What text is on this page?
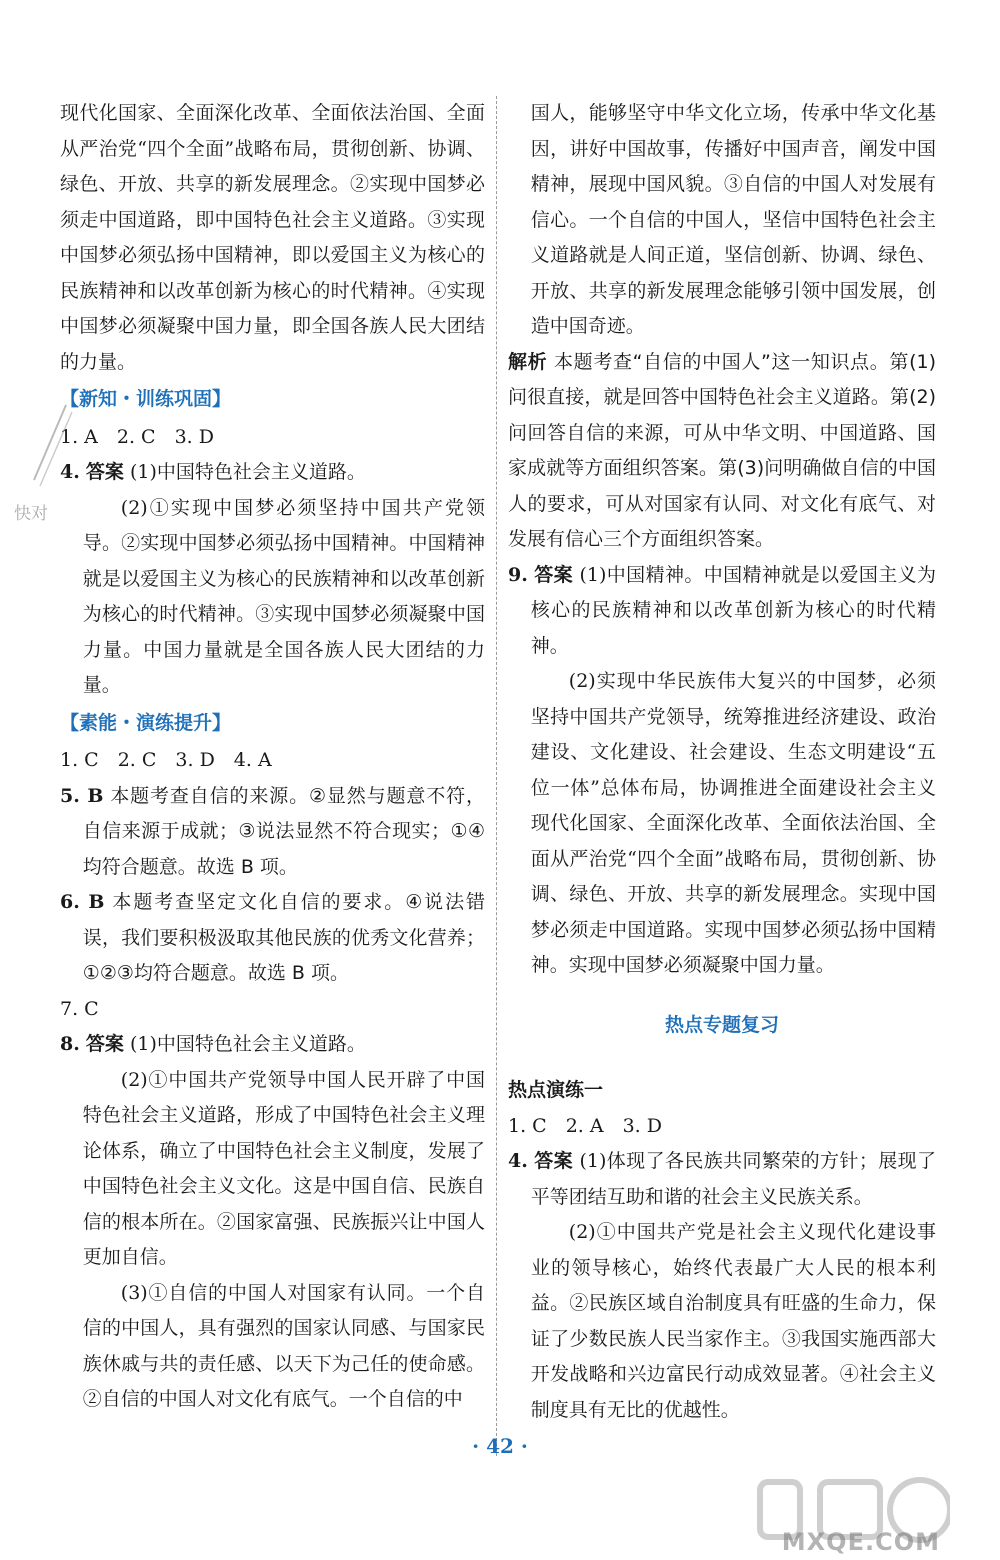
现代化国家、全面深化改革、全面依法治国、全面从严治党“四个全面”战略布局，贯彻创新、协调、绿色、开放、共享的新发展理念。②实现中国梦必须走中国道路，即中国特色社会主义道路。③实现中国梦必须弘扬中国精神，即以爱国主义为核心的民族精神和以改革创新为核心的时代精神。④实现中国梦必须凝聚中国力量，即全国各族人民大团结的力量。

【新知・训练巩固】

1. A　2. C　3. D

4. 答案 (1)中国特色社会主义道路。

(2)①实现中国梦必须坚持中国共产党领导。②实现中国梦必须弘扬中国精神。中国精神就是以爱国主义为核心的民族精神和以改革创新为核心的时代精神。③实现中国梦必须凝聚中国力量。中国力量就是全国各族人民大团结的力量。

【素能・演练提升】

1. C　2. C　3. D　4. A

5. B 本题考查自信的来源。②显然与题意不符，自信来源于成就；③说法显然不符合现实；①④均符合题意。故选 B 项。

6. B 本题考查坚定文化自信的要求。④说法错误，我们要积极汲取其他民族的优秀文化营养；①②③均符合题意。故选 B 项。

7. C

8. 答案 (1)中国特色社会主义道路。

(2)①中国共产党领导中国人民开辟了中国特色社会主义道路，形成了中国特色社会主义理论体系，确立了中国特色社会主义制度，发展了中国特色社会主义文化。这是中国自信、民族自信的根本所在。②国家富强、民族振兴让中国人更加自信。

(3)①自信的中国人对国家有认同。一个自信的中国人，具有强烈的国家认同感、与国家民族休戚与共的责任感、以天下为己任的使命感。②自信的中国人对文化有底气。一个自信的中

国人，能够坚守中华文化立场，传承中华文化基因，讲好中国故事，传播好中国声音，阐发中国精神，展现中国风貌。③自信的中国人对发展有信心。一个自信的中国人，坚信中国特色社会主义道路就是人间正道，坚信创新、协调、绿色、开放、共享的新发展理念能够引领中国发展，创造中国奇迹。

解析 本题考查“自信的中国人”这一知识点。第(1)问很直接，就是回答中国特色社会主义道路。第(2)问回答自信的来源，可从中华文明、中国道路、国家成就等方面组织答案。第(3)问明确做自信的中国人的要求，可从对国家有认同、对文化有底气、对发展有信心三个方面组织答案。

9. 答案 (1)中国精神。中国精神就是以爱国主义为核心的民族精神和以改革创新为核心的时代精神。

(2)实现中华民族伟大复兴的中国梦，必须坚持中国共产党领导，统筹推进经济建设、政治建设、文化建设、社会建设、生态文明建设“五位一体”总体布局，协调推进全面建设社会主义现代化国家、全面深化改革、全面依法治国、全面从严治党“四个全面”战略布局，贯彻创新、协调、绿色、开放、共享的新发展理念。实现中国梦必须走中国道路。实现中国梦必须弘扬中国精神。实现中国梦必须凝聚中国力量。

热点专题复习
热点演练一

1. C　2. A　3. D

4. 答案 (1)体现了各民族共同繁荣的方针；展现了平等团结互助和谐的社会主义民族关系。

(2)①中国共产党是社会主义现代化建设事业的领导核心，始终代表最广大人民的根本利益。②民族区域自治制度具有旺盛的生命力，保证了少数民族人民当家作主。③我国实施西部大开发战略和兴边富民行动成效显著。④社会主义制度具有无比的优越性。

· 42 ·
快对
MXQE.COM
